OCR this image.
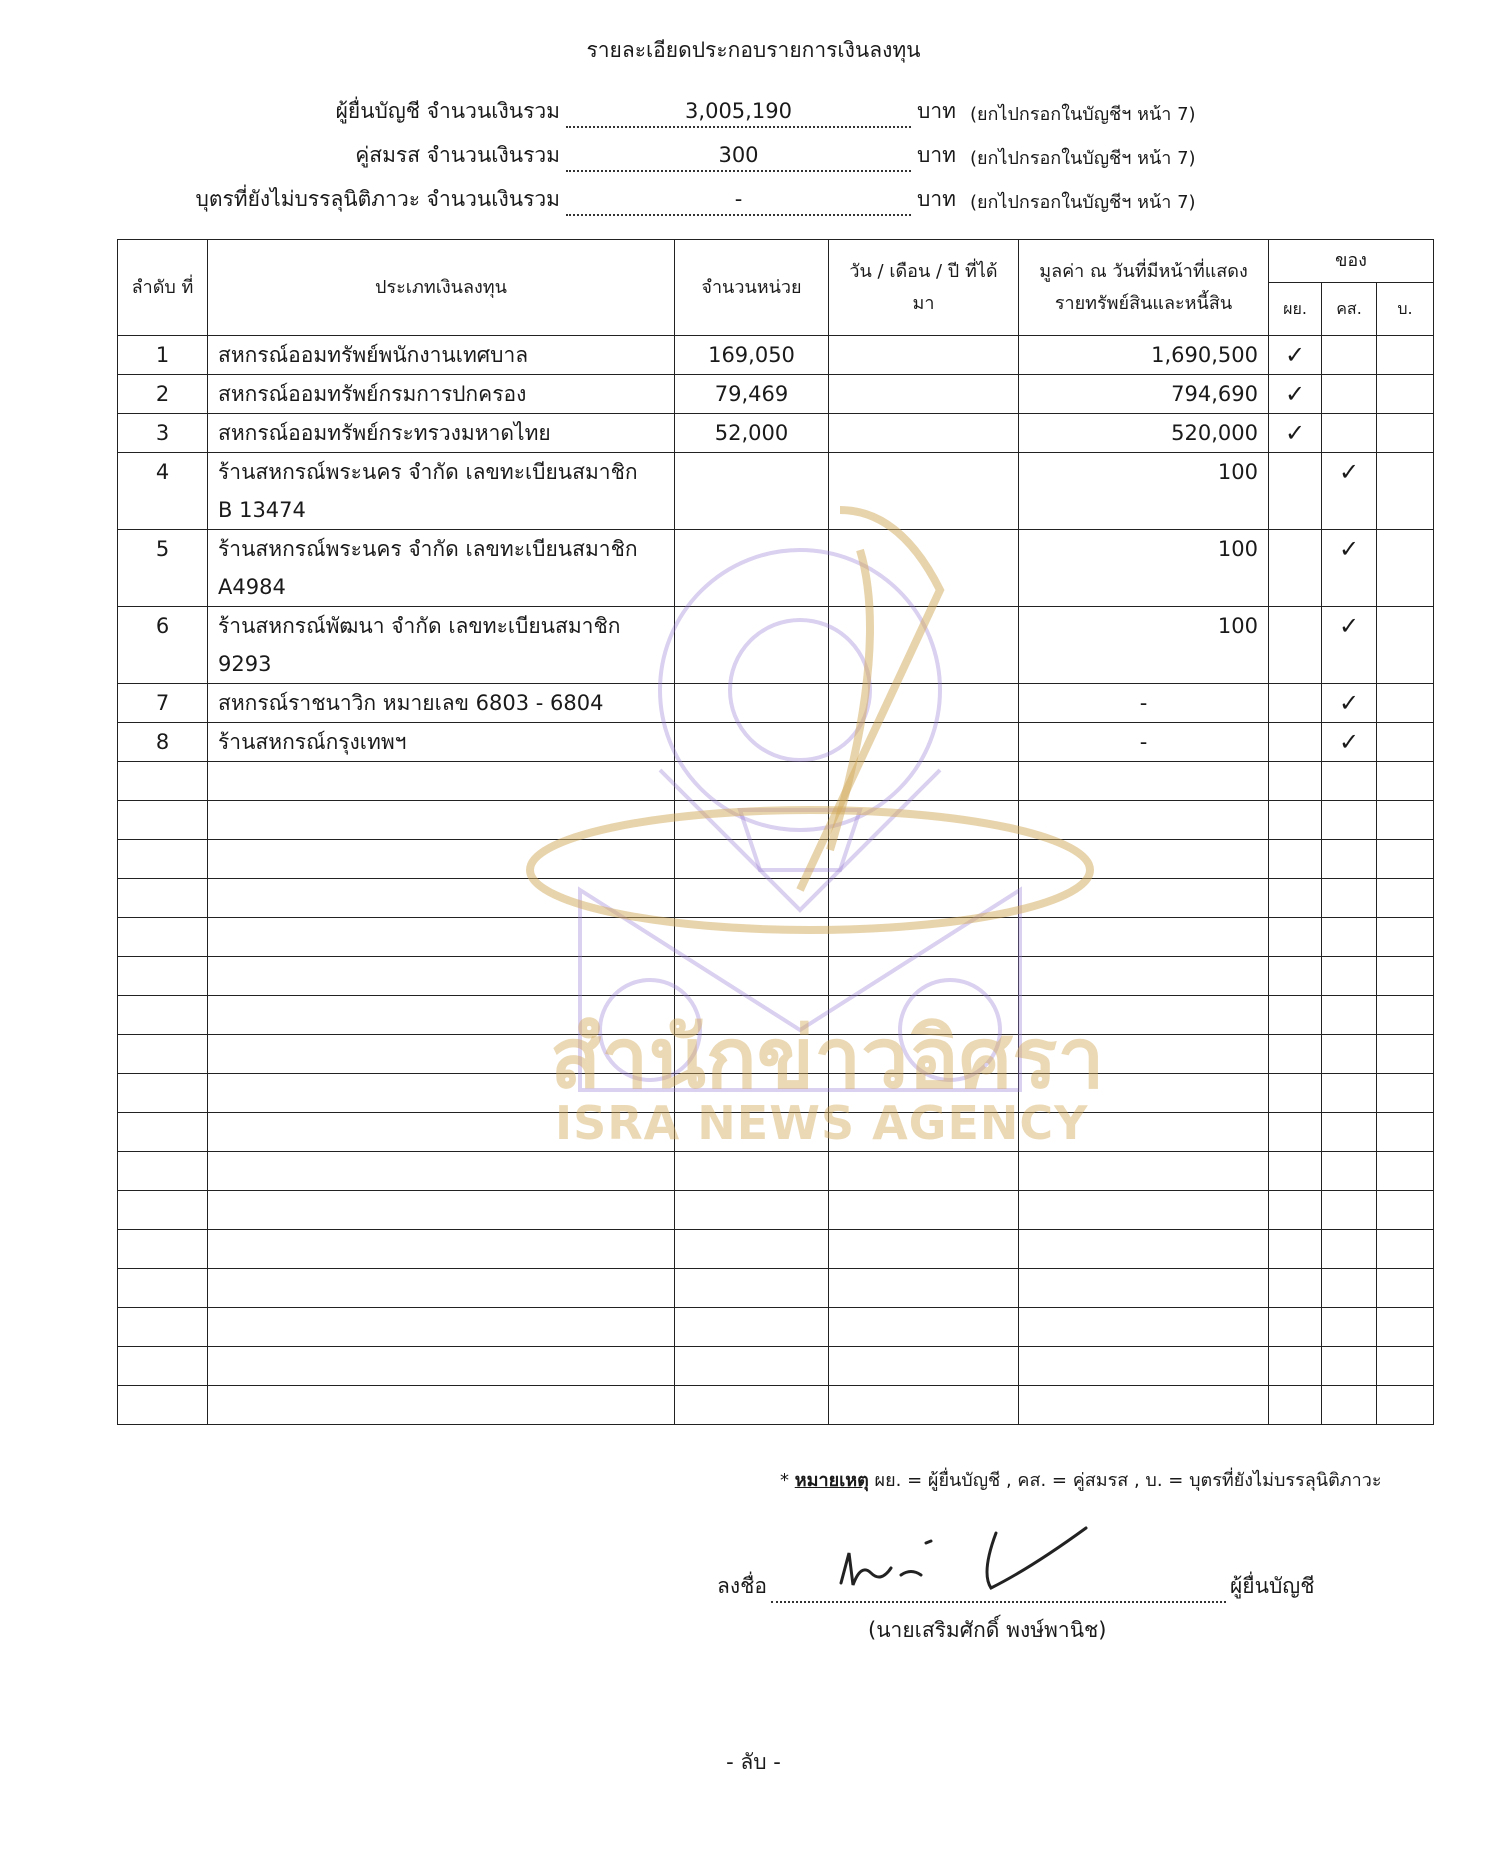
รายละเอียดประกอบรายการเงินลงทุน
ผู้ยื่นบัญชี จำนวนเงินรวม	3,005,190	บาท (ยกไปกรอกในบัญชีฯ หน้า 7)
คู่สมรส จำนวนเงินรวม	300	บาท (ยกไปกรอกในบัญชีฯ หน้า 7)
บุตรที่ยังไม่บรรลุนิติภาวะ จำนวนเงินรวม	-	บาท (ยกไปกรอกในบัญชีฯ หน้า 7)
ลำดับ ที่	ประเภทเงินลงทุน	จำนวนหน่วย	วัน / เดือน / ปี ที่ได้มา	มูลค่า ณ วันที่มีหน้าที่แสดง รายทรัพย์สินและหนี้สิน	ของ		
					ผย.	คส.	บ.
1	สหกรณ์ออมทรัพย์พนักงานเทศบาล	169,050		1,690,500	✓		
2	สหกรณ์ออมทรัพย์กรมการปกครอง	79,469		794,690	✓		
3	สหกรณ์ออมทรัพย์กระทรวงมหาดไทย	52,000		520,000	✓		
4	ร้านสหกรณ์พระนคร จำกัด เลขทะเบียนสมาชิก
B 13474			100		✓	
5	ร้านสหกรณ์พระนคร จำกัด เลขทะเบียนสมาชิก
A4984			100		✓	
6	ร้านสหกรณ์พัฒนา จำกัด เลขทะเบียนสมาชิก
9293			100		✓	
7	สหกรณ์ราชนาวิก หมายเลข 6803 - 6804			-		✓	
8	ร้านสหกรณ์กรุงเทพฯ			-		✓	

สำนักข่าวอิศรา
ISRA NEWS AGENCY
* หมายเหตุ ผย. = ผู้ยื่นบัญชี , คส. = คู่สมรส , บ. = บุตรที่ยังไม่บรรลุนิติภาวะ
ลงชื่อ	ผู้ยื่นบัญชี
(นายเสริมศักดิ์ พงษ์พานิช)
- ลับ -
